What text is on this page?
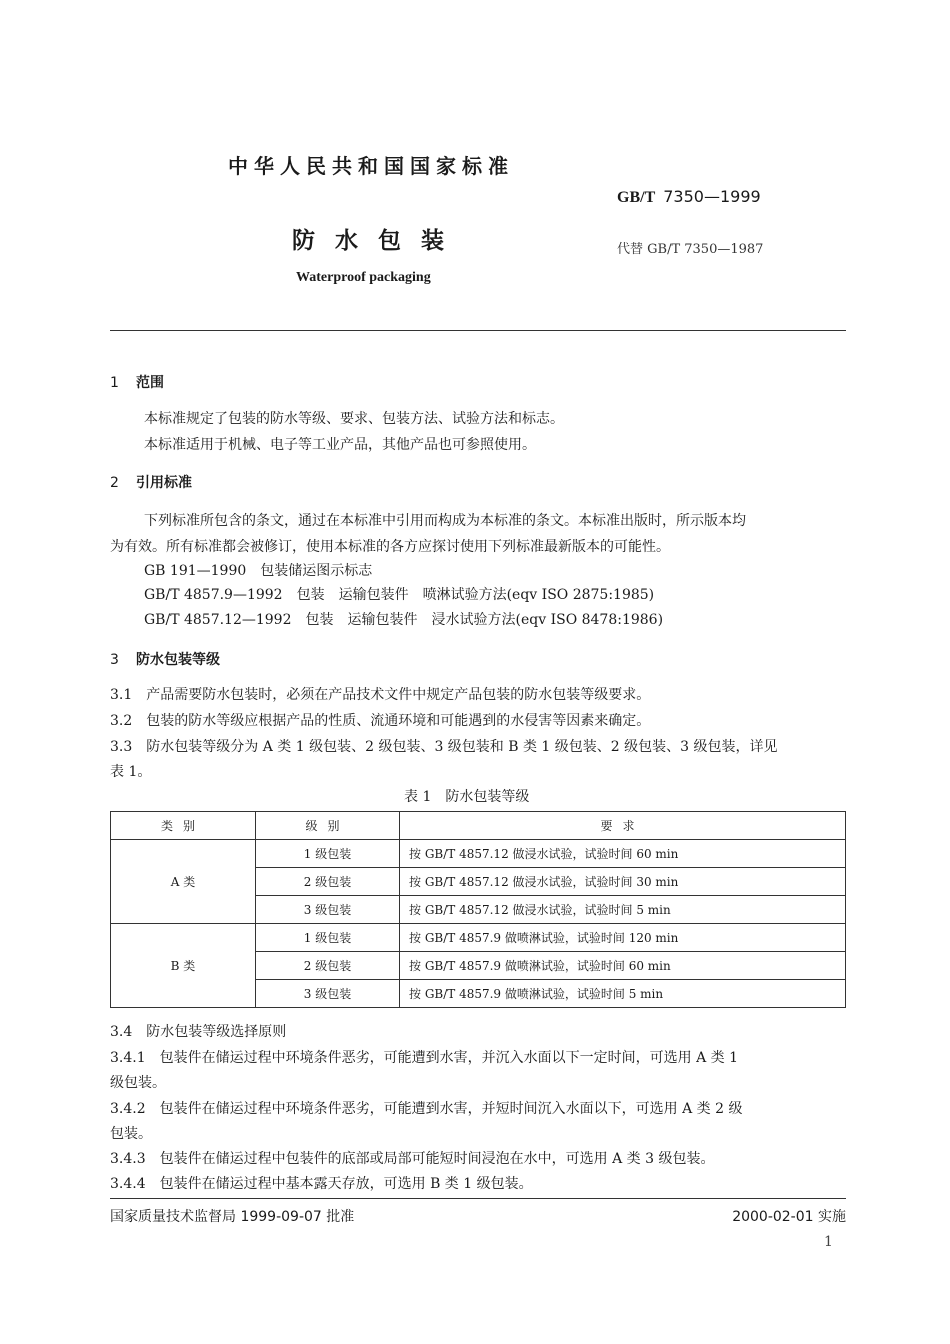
中华人民共和国国家标准
GB/T 7350—1999
防水包装	代替 GB/T 7350—1987
Waterproof packaging
1 范围
本标准规定了包装的防水等级、要求、包装方法、试验方法和标志。
本标准适用于机械、电子等工业产品，其他产品也可参照使用。
2 引用标准
下列标准所包含的条文，通过在本标准中引用而构成为本标准的条文。本标准出版时，所示版本均
为有效。所有标准都会被修订，使用本标准的各方应探讨使用下列标准最新版本的可能性。
GB 191—1990　包装储运图示标志
GB/T 4857.9—1992　包装　运输包装件　喷淋试验方法(eqv ISO 2875:1985)
GB/T 4857.12—1992　包装　运输包装件　浸水试验方法(eqv ISO 8478:1986)
3 防水包装等级
3.1　产品需要防水包装时，必须在产品技术文件中规定产品包装的防水包装等级要求。
3.2　包装的防水等级应根据产品的性质、流通环境和可能遇到的水侵害等因素来确定。
3.3　防水包装等级分为 A 类 1 级包装、2 级包装、3 级包装和 B 类 1 级包装、2 级包装、3 级包装，详见
表 1。
表 1　防水包装等级
类别	级别	要求
A 类	1 级包装	按 GB/T 4857.12 做浸水试验，试验时间 60 min
	2 级包装	按 GB/T 4857.12 做浸水试验，试验时间 30 min
	3 级包装	按 GB/T 4857.12 做浸水试验，试验时间 5 min
B 类	1 级包装	按 GB/T 4857.9 做喷淋试验，试验时间 120 min
	2 级包装	按 GB/T 4857.9 做喷淋试验，试验时间 60 min
	3 级包装	按 GB/T 4857.9 做喷淋试验，试验时间 5 min
3.4　防水包装等级选择原则
3.4.1　包装件在储运过程中环境条件恶劣，可能遭到水害，并沉入水面以下一定时间，可选用 A 类 1
级包装。
3.4.2　包装件在储运过程中环境条件恶劣，可能遭到水害，并短时间沉入水面以下，可选用 A 类 2 级
包装。
3.4.3　包装件在储运过程中包装件的底部或局部可能短时间浸泡在水中，可选用 A 类 3 级包装。
3.4.4　包装件在储运过程中基本露天存放，可选用 B 类 1 级包装。
国家质量技术监督局 1999-09-07 批准	2000-02-01 实施
1
